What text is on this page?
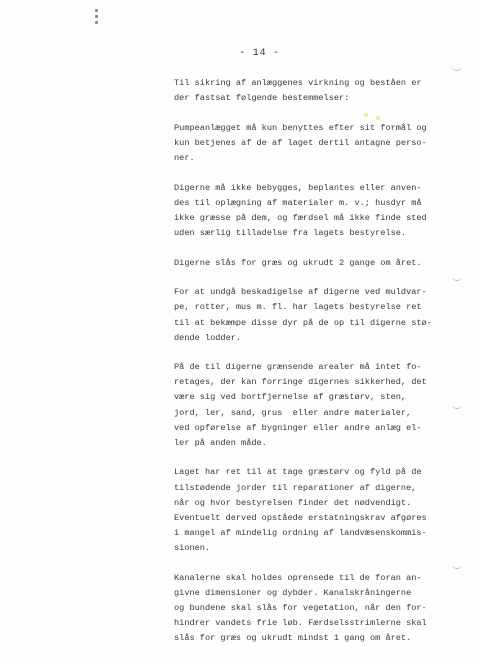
- 14 -
Til sikring af anlæggenes virkning og beståen er
der fastsat følgende bestemmelser:
Pumpeanlægget må kun benyttes efter sit formål og
kun betjenes af de af laget dertil antagne perso-
ner.
Digerne må ikke bebygges, beplantes eller anven-
des til oplægning af materialer m. v.; husdyr må
ikke græsse på dem, og færdsel må ikke finde sted
uden særlig tilladelse fra lagets bestyrelse.
Digerne slås for græs og ukrudt 2 gange om året.
For at undgå beskadigelse af digerne ved muldvar-
pe, rotter, mus m. fl. har lagets bestyrelse ret
til at bekæmpe disse dyr på de op til digerne stø-
dende lodder.
På de til digerne grænsende arealer må intet fo-
retages, der kan forringe digernes sikkerhed, det
være sig ved bortfjernelse af græstørv, sten,
jord, ler, sand, grus  eller andre materialer,
ved opførelse af bygninger eller andre anlæg el-
ler på anden måde.
Laget har ret til at tage græstørv og fyld på de
tilstødende jorder til reparationer af digerne,
når og hvor bestyrelsen finder det nødvendigt.
Eventuelt derved opståede erstatningskrav afgøres
i mangel af mindelig ordning af landvæsenskommis-
sionen.
Kanalerne skal holdes oprensede til de foran an-
givne dimensioner og dybder. Kanalskråningerne
og bundene skal slås for vegetation, når den for-
hindrer vandets frie løb. Færdselsstrimlerne skal
slås for græs og ukrudt mindst 1 gang om året.
